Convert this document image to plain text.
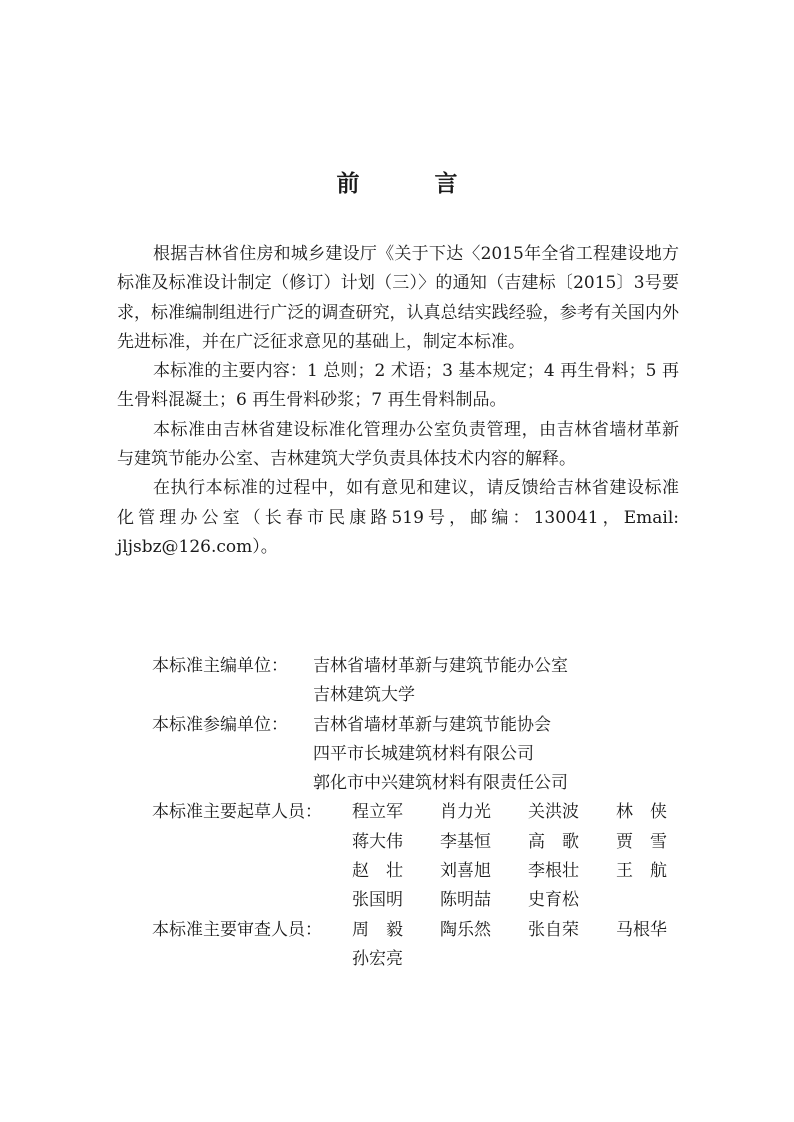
前　言

根据吉林省住房和城乡建设厅《关于下达〈2015年全省工程建设地方标准及标准设计制定（修订）计划（三）〉的通知（吉建标〔2015〕3号要求，标准编制组进行广泛的调查研究，认真总结实践经验，参考有关国内外先进标准，并在广泛征求意见的基础上，制定本标准。

本标准的主要内容：1 总则；2 术语；3 基本规定；4 再生骨料；5 再生骨料混凝土；6 再生骨料砂浆；7 再生骨料制品。

本标准由吉林省建设标准化管理办公室负责管理，由吉林省墙材革新与建筑节能办公室、吉林建筑大学负责具体技术内容的解释。

在执行本标准的过程中，如有意见和建议，请反馈给吉林省建设标准化管理办公室（长春市民康路519号，邮编：130041，Email: jljsbz@126.com）。

本标准主编单位：	吉林省墙材革新与建筑节能办公室
吉林建筑大学
本标准参编单位：	吉林省墙材革新与建筑节能协会
四平市长城建筑材料有限公司
郭化市中兴建筑材料有限责任公司
本标准主要起草人员：	程立军	肖力光	关洪波	林　侠
蒋大伟	李基恒	高　歌	贾　雪
赵　壮	刘喜旭	李根壮	王　航
张国明	陈明喆	史育松
本标准主要审查人员：	周　毅	陶乐然	张自荣	马根华
孙宏亮
